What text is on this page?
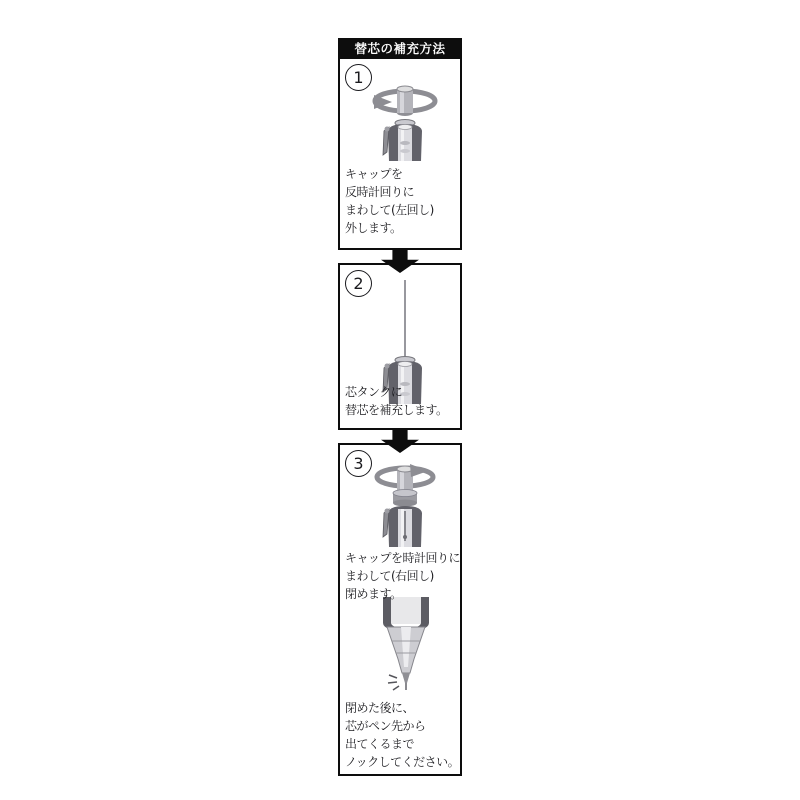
替芯の補充方法
1
キャップを
反時計回りに
まわして(左回し)
外します。
2
芯タンクに
替芯を補充します。
3
キャップを時計回りに
まわして(右回し)
閉めます。
閉めた後に、
芯がペン先から
出てくるまで
ノックしてください。
